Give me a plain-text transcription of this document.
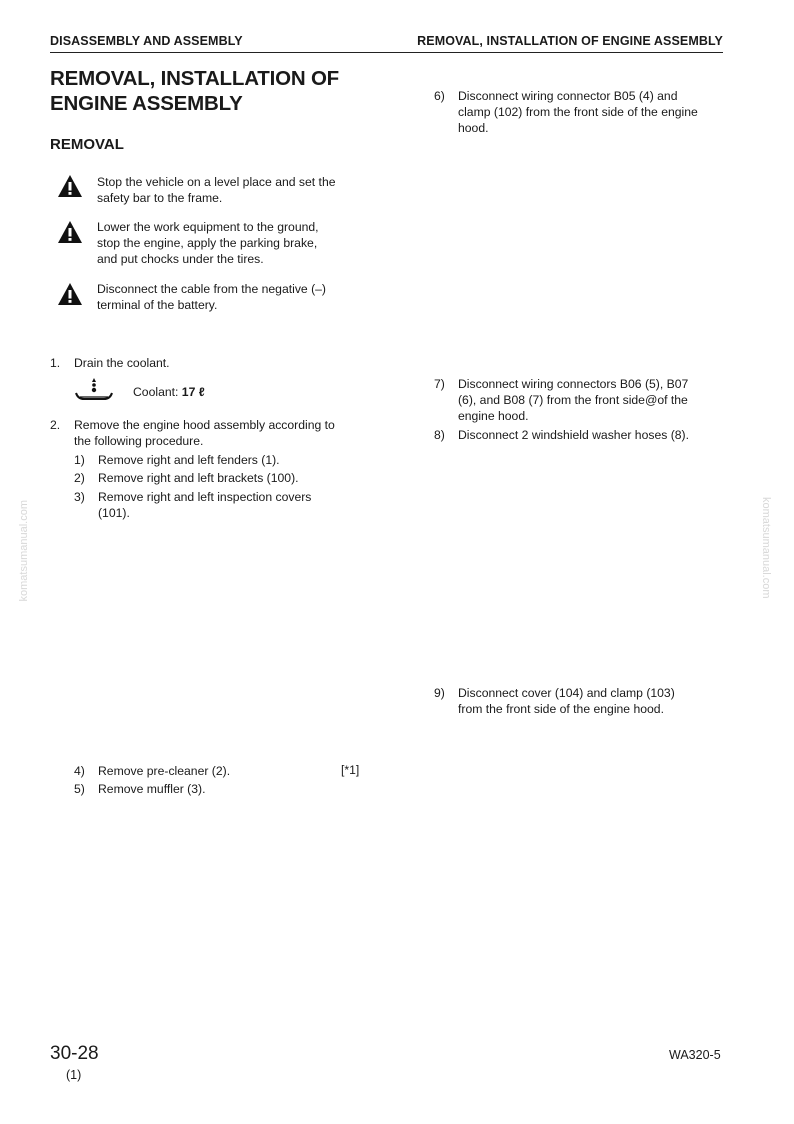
DISASSEMBLY AND ASSEMBLY	REMOVAL, INSTALLATION OF ENGINE ASSEMBLY
REMOVAL, INSTALLATION OF
ENGINE ASSEMBLY
REMOVAL
Stop the vehicle on a level place and set the
safety bar to the frame.
Lower the work equipment to the ground,
stop the engine, apply the parking brake,
and put chocks under the tires.
Disconnect the cable from the negative (–)
terminal of the battery.
1. Drain the coolant.
Coolant: 17 ℓ
2. Remove the engine hood assembly according to
the following procedure.
1) Remove right and left fenders (1).
2) Remove right and left brackets (100).
3) Remove right and left inspection covers
(101).
4) Remove pre-cleaner (2).	[*1]
5) Remove muffler (3).
6) Disconnect wiring connector B05 (4) and
clamp (102) from the front side of the engine
hood.
7) Disconnect wiring connectors B06 (5), B07
(6), and B08 (7) from the front side@of the
engine hood.
8) Disconnect 2 windshield washer hoses (8).
9) Disconnect cover (104) and clamp (103)
from the front side of the engine hood.
komatsumanual.com	komatsumanual.com
30-28
(1)
WA320-5
